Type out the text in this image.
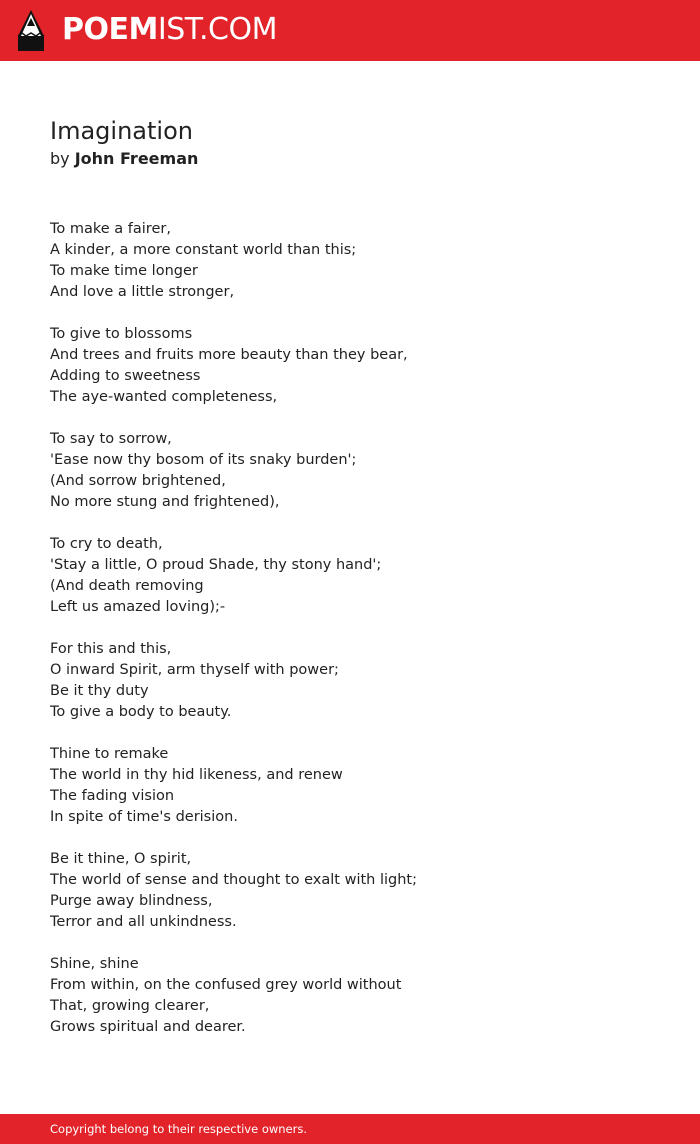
POEMIST.COM
Imagination
by John Freeman
To make a fairer,
A kinder, a more constant world than this;
To make time longer
And love a little stronger,
To give to blossoms
And trees and fruits more beauty than they bear,
Adding to sweetness
The aye-wanted completeness,
To say to sorrow,
'Ease now thy bosom of its snaky burden';
(And sorrow brightened,
No more stung and frightened),
To cry to death,
'Stay a little, O proud Shade, thy stony hand';
(And death removing
Left us amazed loving);-
For this and this,
O inward Spirit, arm thyself with power;
Be it thy duty
To give a body to beauty.
Thine to remake
The world in thy hid likeness, and renew
The fading vision
In spite of time's derision.
Be it thine, O spirit,
The world of sense and thought to exalt with light;
Purge away blindness,
Terror and all unkindness.
Shine, shine
From within, on the confused grey world without
That, growing clearer,
Grows spiritual and dearer.
Copyright belong to their respective owners.
